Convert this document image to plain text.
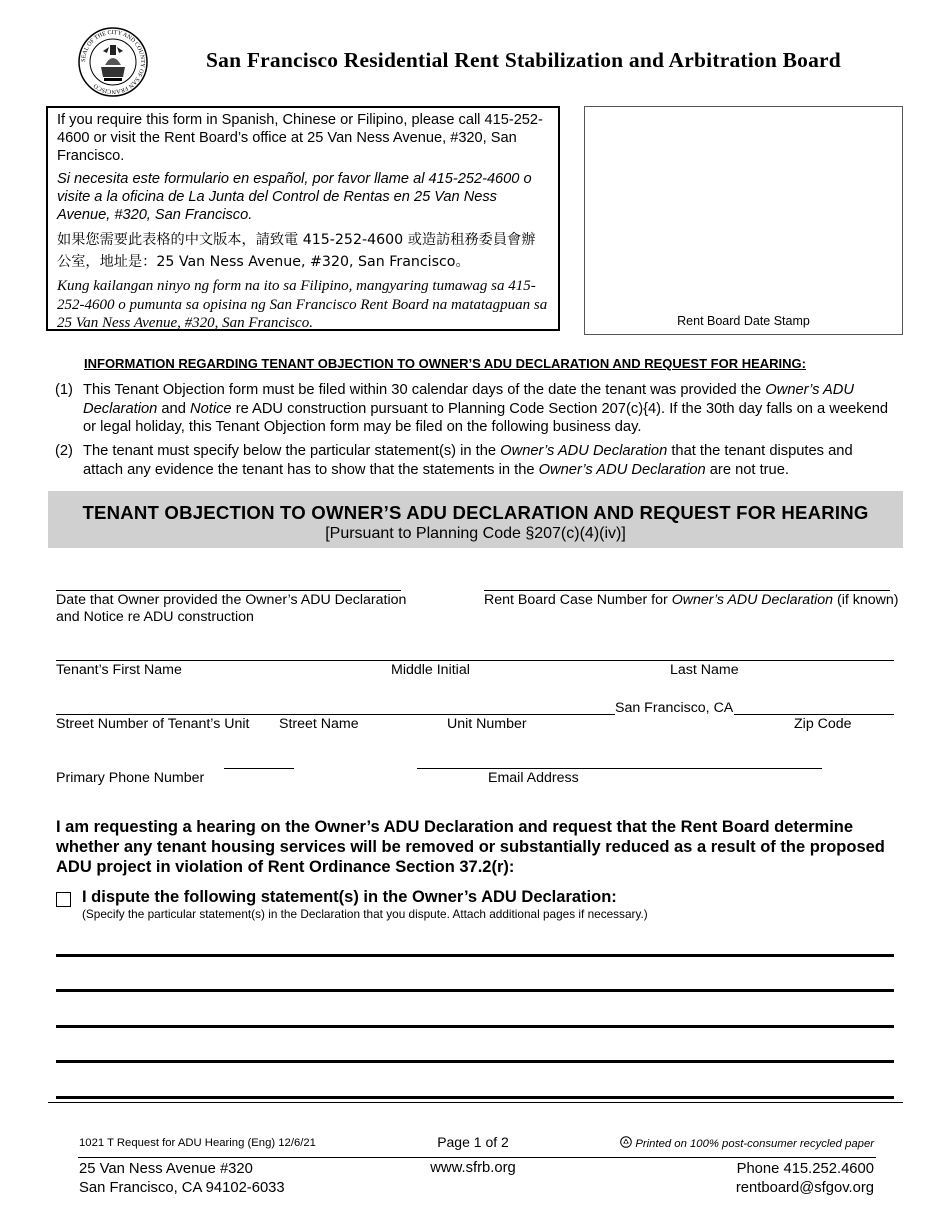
SEAL OF THE CITY AND COUNTY OF SAN FRANCISCO
San Francisco Residential Rent Stabilization and Arbitration Board

If you require this form in Spanish, Chinese or Filipino, please call 415-252-4600 or visit the Rent Board’s office at 25 Van Ness Avenue, #320, San Francisco.

Si necesita este formulario en español, por favor llame al 415-252-4600 o visite a la oficina de La Junta del Control de Rentas en 25 Van Ness Avenue, #320, San Francisco.

如果您需要此表格的中文版本，請致電 415-252-4600 或造訪租務委員會辦公室，地址是：25 Van Ness Avenue, #320, San Francisco。

Kung kailangan ninyo ng form na ito sa Filipino, mangyaring tumawag sa 415-252-4600 o pumunta sa opisina ng San Francisco Rent Board na matatagpuan sa 25 Van Ness Avenue, #320, San Francisco.	Rent Board Date Stamp
INFORMATION REGARDING TENANT OBJECTION TO OWNER’S ADU DECLARATION AND REQUEST FOR HEARING:
(1) This Tenant Objection form must be filed within 30 calendar days of the date the tenant was provided the Owner’s ADU Declaration and Notice re ADU construction pursuant to Planning Code Section 207(c){4). If the 30th day falls on a weekend or legal holiday, this Tenant Objection form may be filed on the following business day.
(2) The tenant must specify below the particular statement(s) in the Owner’s ADU Declaration that the tenant disputes and attach any evidence the tenant has to show that the statements in the Owner’s ADU Declaration are not true.
TENANT OBJECTION TO OWNER’S ADU DECLARATION AND REQUEST FOR HEARING
[Pursuant to Planning Code §207(c)(4)(iv)]
Date that Owner provided the Owner’s ADU Declaration
and Notice re ADU construction
Rent Board Case Number for Owner’s ADU Declaration (if known)
Tenant’s First Name	Middle Initial	Last Name
San Francisco, CA
Street Number of Tenant’s Unit Street Name	Unit Number	Zip Code
Primary Phone Number	Email Address
I am requesting a hearing on the Owner’s ADU Declaration and request that the Rent Board determine whether any tenant housing services will be removed or substantially reduced as a result of the proposed ADU project in violation of Rent Ordinance Section 37.2(r):
I dispute the following statement(s) in the Owner’s ADU Declaration:
(Specify the particular statement(s) in the Declaration that you dispute. Attach additional pages if necessary.)
1021 T Request for ADU Hearing (Eng) 12/6/21	Page 1 of 2	Printed on 100% post-consumer recycled paper
25 Van Ness Avenue #320
San Francisco, CA 94102-6033
www.sfrb.org	Phone 415.252.4600
rentboard@sfgov.org
